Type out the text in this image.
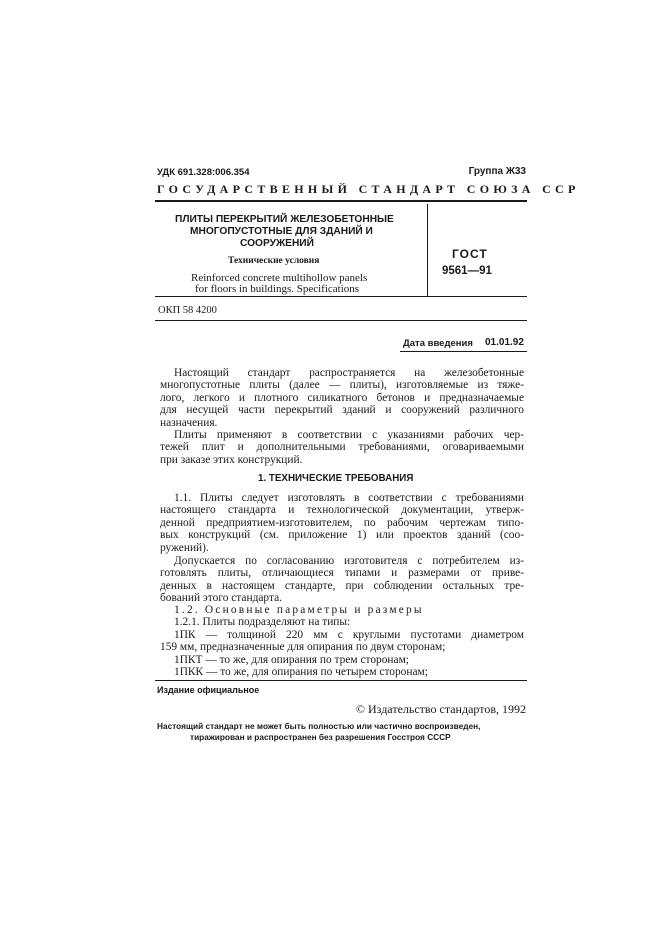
УДК 691.328:006.354	Группа Ж33
ГОСУДАРСТВЕННЫЙ СТАНДАРТ СОЮЗА ССР
ПЛИТЫ ПЕРЕКРЫТИЙ ЖЕЛЕЗОБЕТОННЫЕ
МНОГОПУСТОТНЫЕ ДЛЯ ЗДАНИЙ И
СООРУЖЕНИЙ
Технические условия
Reinforced concrete multihollow panels
for floors in buildings. Specifications
ГОСТ
9561—91
ОКП 58 4200
Дата введения 01.01.92
Настоящий стандарт распространяется на железобетонные
многопустотные плиты (далее — плиты), изготовляемые из тяже-
лого, легкого и плотного силикатного бетонов и предназначаемые
для несущей части перекрытий зданий и сооружений различного
назначения.
Плиты применяют в соответствии с указаниями рабочих чер-
тежей плит и дополнительными требованиями, оговариваемыми
при заказе этих конструкций.
1. ТЕХНИЧЕСКИЕ ТРЕБОВАНИЯ
1.1. Плиты следует изготовлять в соответствии с требованиями
настоящего стандарта и технологической документации, утверж-
денной предприятием-изготовителем, по рабочим чертежам типо-
вых конструкций (см. приложение 1) или проектов зданий (соо-
ружений).
Допускается по согласованию изготовителя с потребителем из-
готовлять плиты, отличающиеся типами и размерами от приве-
денных в настоящем стандарте, при соблюдении остальных тре-
бований этого стандарта.
1.2. Основные параметры и размеры
1.2.1. Плиты подразделяют на типы:
1ПК — толщиной 220 мм с круглыми пустотами диаметром
159 мм, предназначенные для опирания по двум сторонам;
1ПКТ — то же, для опирания по трем сторонам;
1ПКК — то же, для опирания по четырем сторонам;
Издание официальное
© Издательство стандартов, 1992
Настоящий стандарт не может быть полностью или частично воспроизведен,
тиражирован и распространен без разрешения Госстроя СССР
